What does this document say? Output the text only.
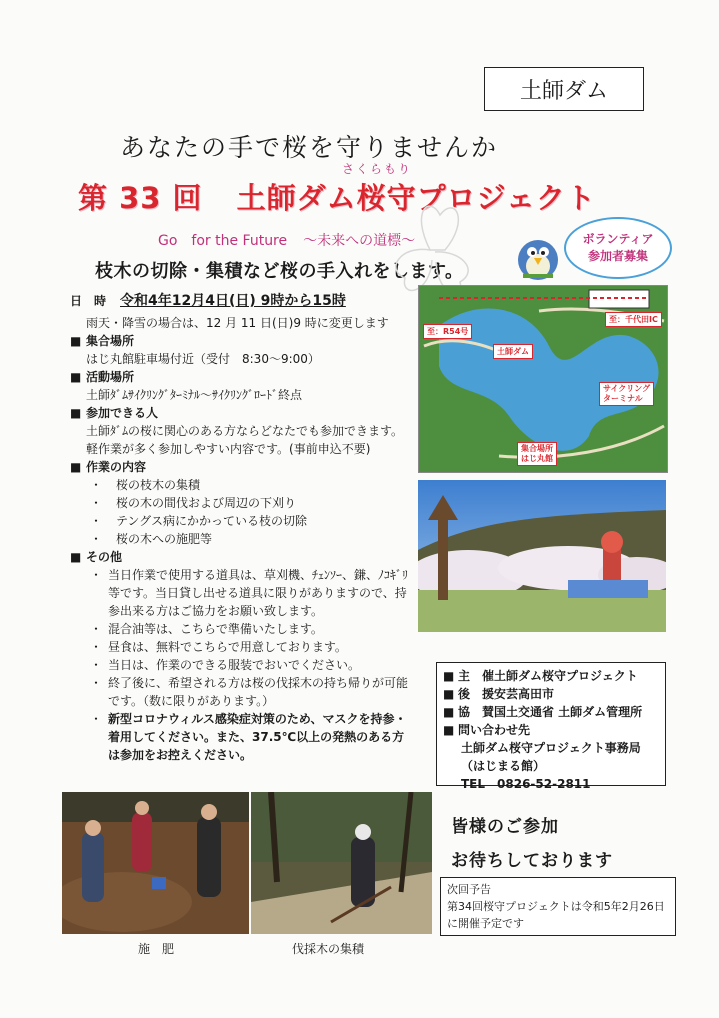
土師ダム
あなたの手で桜を守りませんか
さくらもり
第 33 回 土師ダム桜守プロジェクト
Go　for the Future ～未来への道標～
枝木の切除・集積など桜の手入れをします。
ボランティア
参加者募集
日　時 令和4年12月4日(日) 9時から15時
雨天・降雪の場合は、12 月 11 日(日)9 時に変更します
■ 集合場所
はじ丸館駐車場付近（受付　8:30～9:00）
■ 活動場所
土師ﾀﾞﾑｻｲｸﾘﾝｸﾞﾀｰﾐﾅﾙ～ｻｲｸﾘﾝｸﾞﾛｰﾄﾞ終点
■ 参加できる人
土師ﾀﾞﾑの桜に関心のある方ならどなたでも参加できます。
軽作業が多く参加しやすい内容です。(事前申込不要)
■ 作業の内容
・	桜の枝木の集積
・	桜の木の間伐および周辺の下刈り
・	テングス病にかかっている枝の切除
・	桜の木への施肥等
■ その他
・ 当日作業で使用する道具は、草刈機、ﾁｪﾝｿｰ、鎌、ﾉｺｷﾞﾘ等です。当日貸し出せる道具に限りがありますので、持参出来る方はご協力をお願い致します。
・ 混合油等は、こちらで準備いたします。
・ 昼食は、無料でこちらで用意しております。
・ 当日は、作業のできる服装でおいでください。
・ 終了後に、希望される方は桜の伐採木の持ち帰りが可能です。（数に限りがあります。）
・ 新型コロナウィルス感染症対策のため、マスクを持参・着用してください。また、37.5℃以上の発熱のある方は参加をお控えください。
至：R54号
土師ダム
至：千代田IC
サイクリング
ターミナル
集合場所
はじ丸館
■ 主　催 土師ダム桜守プロジェクト
■ 後　援 安芸高田市
■ 協　賛 国土交通省 土師ダム管理所
■ 問い合わせ先
土師ダム桜守プロジェクト事務局
（はじまる館）
TEL　0826-52-2811
施　肥	伐採木の集積
皆様のご参加
お待ちしております
次回予告
第34回桜守プロジェクトは令和5年2月26日に開催予定です
